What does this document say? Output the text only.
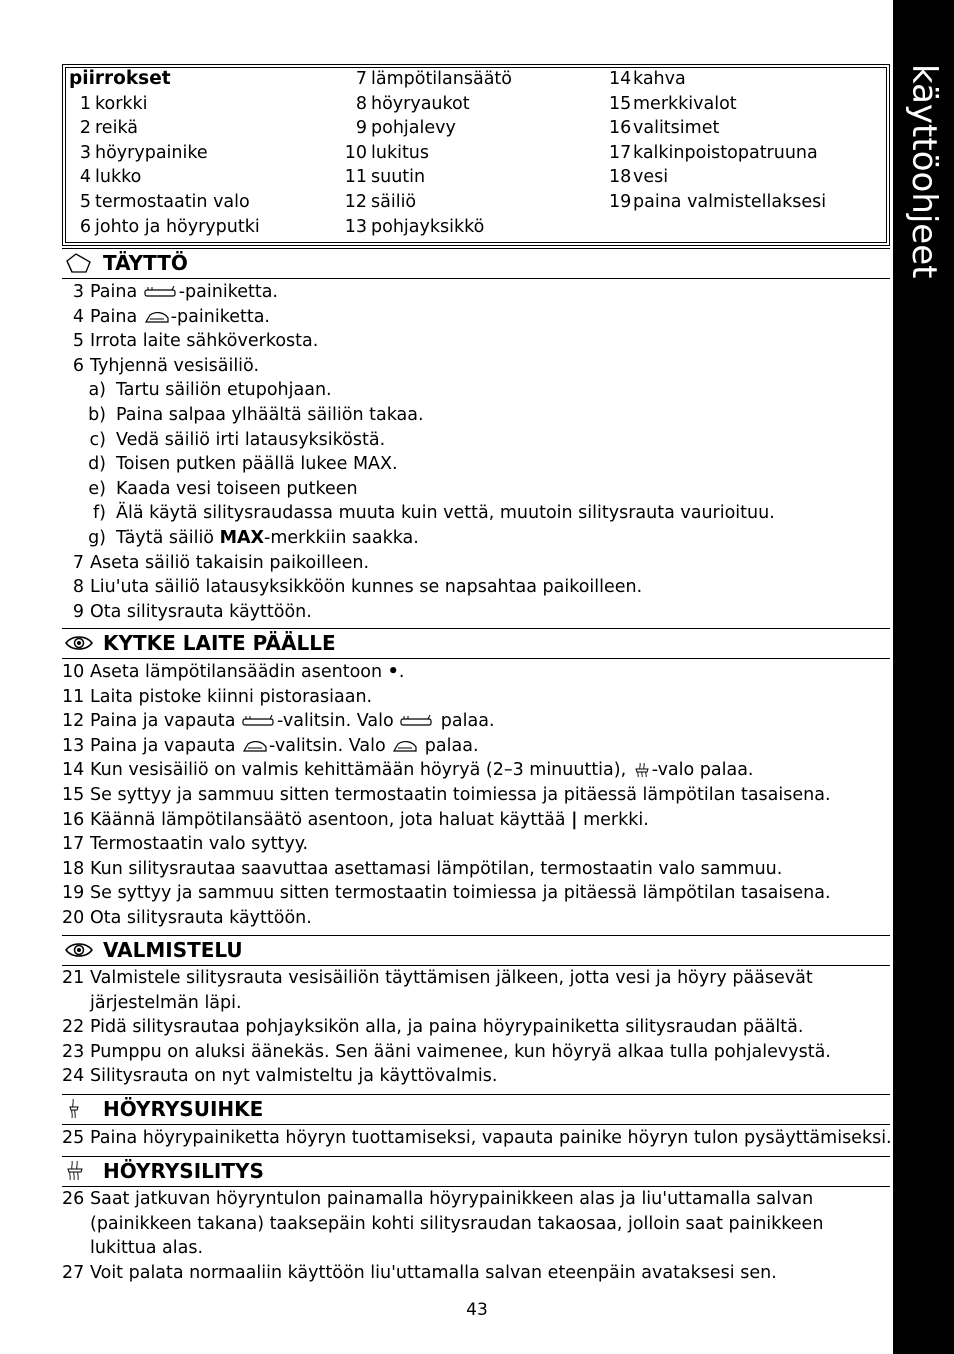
käyttöohjeet
piirrokset
1 korkki
2 reikä
3 höyrypainike
4 lukko
5 termostaatin valo
6 johto ja höyryputki
7 lämpötilansäätö
8 höyryaukot
9 pohjalevy
10 lukitus
11 suutin
12 säiliö
13 pohjayksikkö
14kahva
15merkkivalot
16valitsimet
17kalkinpoistopatruuna
18vesi
19paina valmistellaksesi
TÄYTTÖ
3 Paina -painiketta.
4 Paina -painiketta.
5 Irrota laite sähköverkosta.
6 Tyhjennä vesisäiliö.
a) Tartu säiliön etupohjaan.
b) Paina salpaa ylhäältä säiliön takaa.
c) Vedä säiliö irti latausyksiköstä.
d) Toisen putken päällä lukee MAX.
e) Kaada vesi toiseen putkeen
f) Älä käytä silitysraudassa muuta kuin vettä, muutoin silitysrauta vaurioituu.
g) Täytä säiliö MAX-merkkiin saakka.
7 Aseta säiliö takaisin paikoilleen.
8 Liu'uta säiliö latausyksikköön kunnes se napsahtaa paikoilleen.
9 Ota silitysrauta käyttöön.
KYTKE LAITE PÄÄLLE
10 Aseta lämpötilansäädin asentoon •.
11 Laita pistoke kiinni pistorasiaan.
12 Paina ja vapauta -valitsin. Valo  palaa.
13 Paina ja vapauta -valitsin. Valo  palaa.
14 Kun vesisäiliö on valmis kehittämään höyryä (2–3 minuuttia), -valo palaa.
15 Se syttyy ja sammuu sitten termostaatin toimiessa ja pitäessä lämpötilan tasaisena.
16 Käännä lämpötilansäätö asentoon, jota haluat käyttää | merkki.
17 Termostaatin valo syttyy.
18 Kun silitysrautaa saavuttaa asettamasi lämpötilan, termostaatin valo sammuu.
19 Se syttyy ja sammuu sitten termostaatin toimiessa ja pitäessä lämpötilan tasaisena.
20 Ota silitysrauta käyttöön.
VALMISTELU
21 Valmistele silitysrauta vesisäiliön täyttämisen jälkeen, jotta vesi ja höyry pääsevät järjestelmän läpi.
22 Pidä silitysrautaa pohjayksikön alla, ja paina höyrypainiketta silitysraudan päältä.
23 Pumppu on aluksi äänekäs. Sen ääni vaimenee, kun höyryä alkaa tulla pohjalevystä.
24 Silitysrauta on nyt valmisteltu ja käyttövalmis.
HÖYRYSUIHKE
25 Paina höyrypainiketta höyryn tuottamiseksi, vapauta painike höyryn tulon pysäyttämiseksi.
HÖYRYSILITYS
26 Saat jatkuvan höyryntulon painamalla höyrypainikkeen alas ja liu'uttamalla salvan (painikkeen takana) taaksepäin kohti silitysraudan takaosaa, jolloin saat painikkeen lukittua alas.
27 Voit palata normaaliin käyttöön liu'uttamalla salvan eteenpäin avataksesi sen.
43
